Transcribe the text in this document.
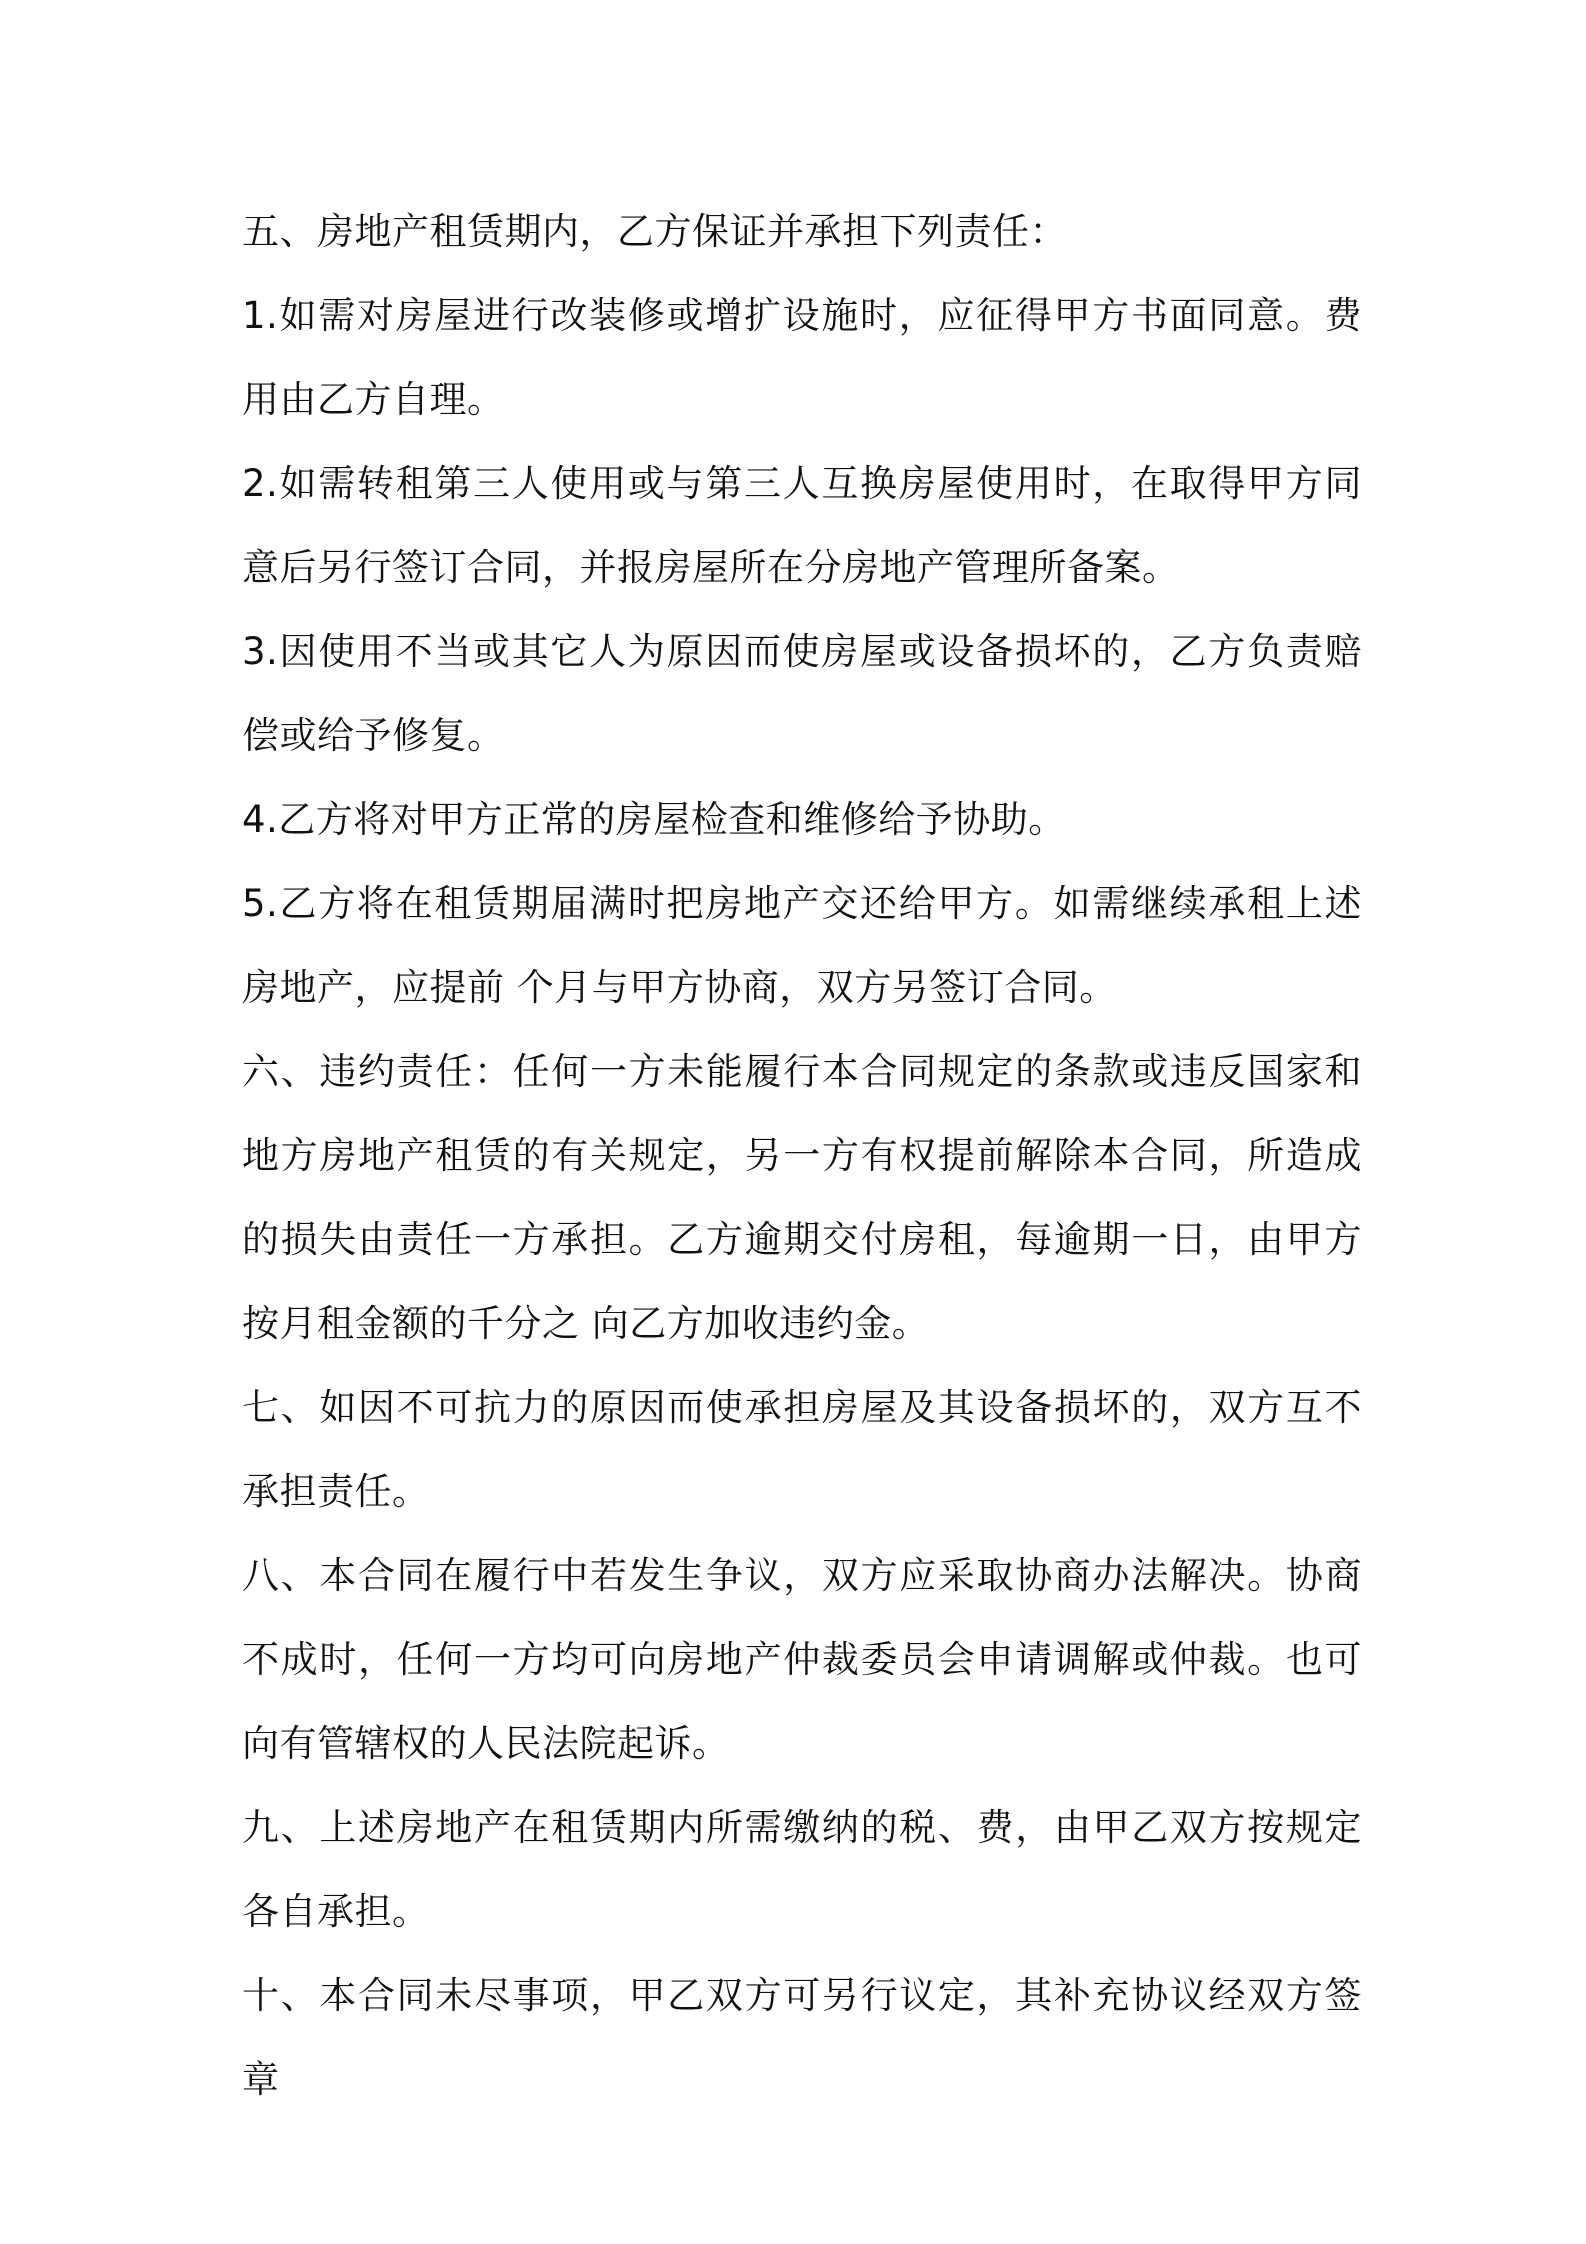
五、房地产租赁期内，乙方保证并承担下列责任：

1.如需对房屋进行改装修或增扩设施时，应征得甲方书面同意。费用由乙方自理。

2.如需转租第三人使用或与第三人互换房屋使用时，在取得甲方同意后另行签订合同，并报房屋所在分房地产管理所备案。

3.因使用不当或其它人为原因而使房屋或设备损坏的，乙方负责赔偿或给予修复。

4.乙方将对甲方正常的房屋检查和维修给予协助。

5.乙方将在租赁期届满时把房地产交还给甲方。如需继续承租上述房地产，应提前 个月与甲方协商，双方另签订合同。

六、违约责任：任何一方未能履行本合同规定的条款或违反国家和地方房地产租赁的有关规定，另一方有权提前解除本合同，所造成的损失由责任一方承担。乙方逾期交付房租，每逾期一日，由甲方按月租金额的千分之 向乙方加收违约金。

七、如因不可抗力的原因而使承担房屋及其设备损坏的，双方互不承担责任。

八、本合同在履行中若发生争议，双方应采取协商办法解决。协商不成时，任何一方均可向房地产仲裁委员会申请调解或仲裁。也可向有管辖权的人民法院起诉。

九、上述房地产在租赁期内所需缴纳的税、费，由甲乙双方按规定各自承担。

十、本合同未尽事项，甲乙双方可另行议定，其补充协议经双方签章
